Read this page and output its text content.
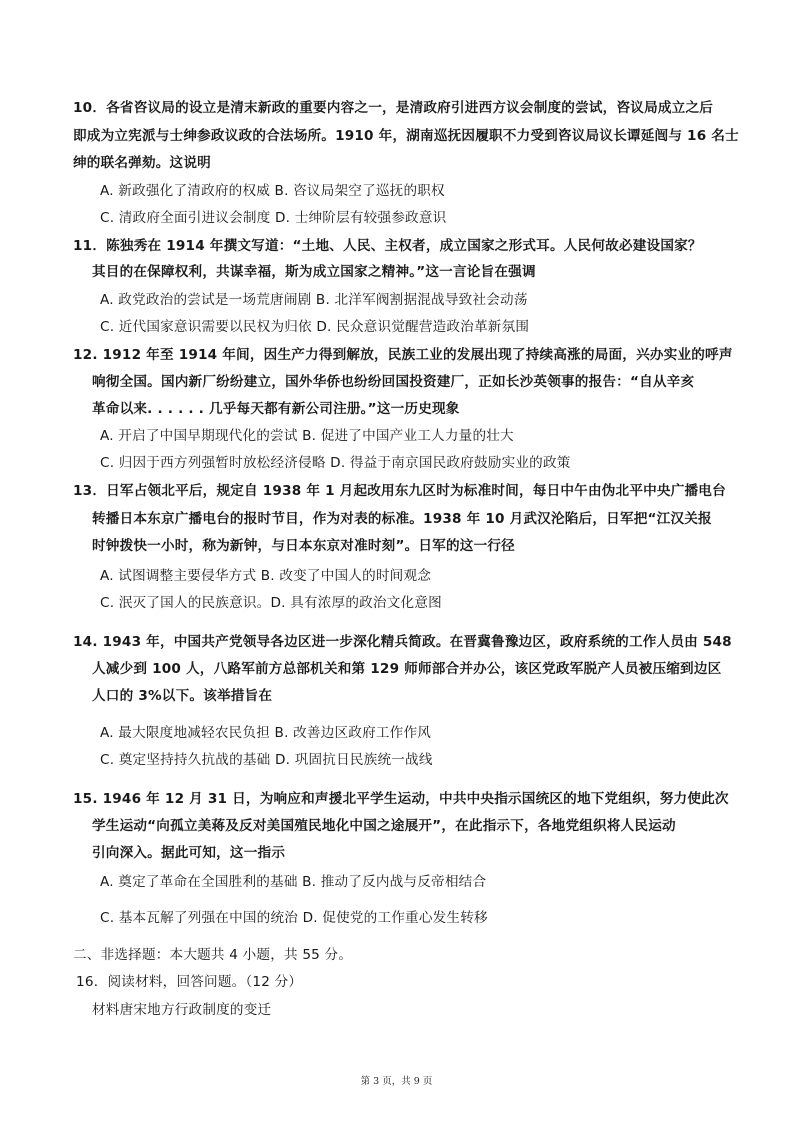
10．各省咨议局的设立是清末新政的重要内容之一，是清政府引进西方议会制度的尝试，咨议局成立之后
即成为立宪派与士绅参政议政的合法场所。1910 年，湖南巡抚因履职不力受到咨议局议长谭延闿与 16 名士
绅的联名弹劾。这说明
A. 新政强化了清政府的权威 B. 咨议局架空了巡抚的职权
C. 清政府全面引进议会制度 D. 士绅阶层有较强参政意识
11．陈独秀在 1914 年撰文写道：“土地、人民、主权者，成立国家之形式耳。人民何故必建设国家？
其目的在保障权利，共谋幸福，斯为成立国家之精神。”这一言论旨在强调
A. 政党政治的尝试是一场荒唐闹剧 B. 北洋军阀割据混战导致社会动荡
C. 近代国家意识需要以民权为归依 D. 民众意识觉醒营造政治革新氛围
12. 1912 年至 1914 年间，因生产力得到解放，民族工业的发展出现了持续高涨的局面，兴办实业的呼声
响彻全国。国内新厂纷纷建立，国外华侨也纷纷回国投资建厂，正如长沙英领事的报告：“自从辛亥
革命以来. . . . . . 几乎每天都有新公司注册。”这一历史现象
A. 开启了中国早期现代化的尝试 B. 促进了中国产业工人力量的壮大
C. 归因于西方列强暂时放松经济侵略 D. 得益于南京国民政府鼓励实业的政策
13．日军占领北平后，规定自 1938 年 1 月起改用东九区时为标准时间，每日中午由伪北平中央广播电台
转播日本东京广播电台的报时节目，作为对表的标准。1938 年 10 月武汉沦陷后，日军把“江汉关报
时钟拨快一小时，称为新钟，与日本东京对准时刻”。日军的这一行径
A. 试图调整主要侵华方式 B. 改变了中国人的时间观念
C. 泯灭了国人的民族意识。D. 具有浓厚的政治文化意图
14. 1943 年，中国共产党领导各边区进一步深化精兵简政。在晋冀鲁豫边区，政府系统的工作人员由 548
人减少到 100 人，八路军前方总部机关和第 129 师师部合并办公，该区党政军脱产人员被压缩到边区
人口的 3%以下。该举措旨在
A. 最大限度地减轻农民负担 B. 改善边区政府工作作风
C. 奠定坚持持久抗战的基础 D. 巩固抗日民族统一战线
15. 1946 年 12 月 31 日，为响应和声援北平学生运动，中共中央指示国统区的地下党组织，努力使此次
学生运动“向孤立美蒋及反对美国殖民地化中国之途展开”，在此指示下，各地党组织将人民运动
引向深入。据此可知，这一指示
A. 奠定了革命在全国胜利的基础 B. 推动了反内战与反帝相结合
C. 基本瓦解了列强在中国的统治 D. 促使党的工作重心发生转移
二、非选择题：本大题共 4 小题，共 55 分。
16．阅读材料，回答问题。（12 分）
材料唐宋地方行政制度的变迁
第 3 页，共 9 页
